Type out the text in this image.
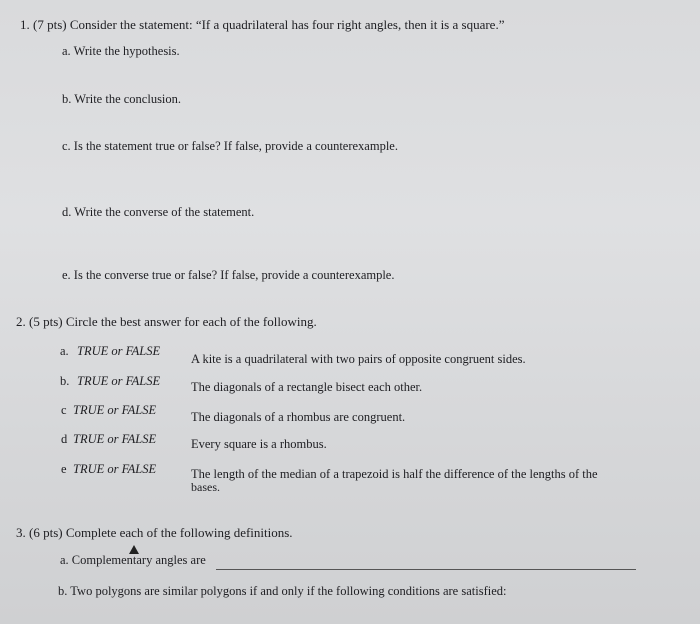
1. (7 pts) Consider the statement: “If a quadrilateral has four right angles, then it is a square.”
a. Write the hypothesis.
b. Write the conclusion.
c. Is the statement true or false? If false, provide a counterexample.
d. Write the converse of the statement.
e. Is the converse true or false? If false, provide a counterexample.
2. (5 pts) Circle the best answer for each of the following.
a. TRUE or FALSE
A kite is a quadrilateral with two pairs of opposite congruent sides.
b. TRUE or FALSE The diagonals of a rectangle bisect each other.
c TRUE or FALSE	The diagonals of a rhombus are congruent.
d TRUE or FALSE	Every square is a rhombus.
e TRUE or FALSE	The length of the median of a trapezoid is half the difference of the lengths of the
bases.
3. (6 pts) Complete each of the following definitions.
a. Complementary angles are
b. Two polygons are similar polygons if and only if the following conditions are satisfied:
